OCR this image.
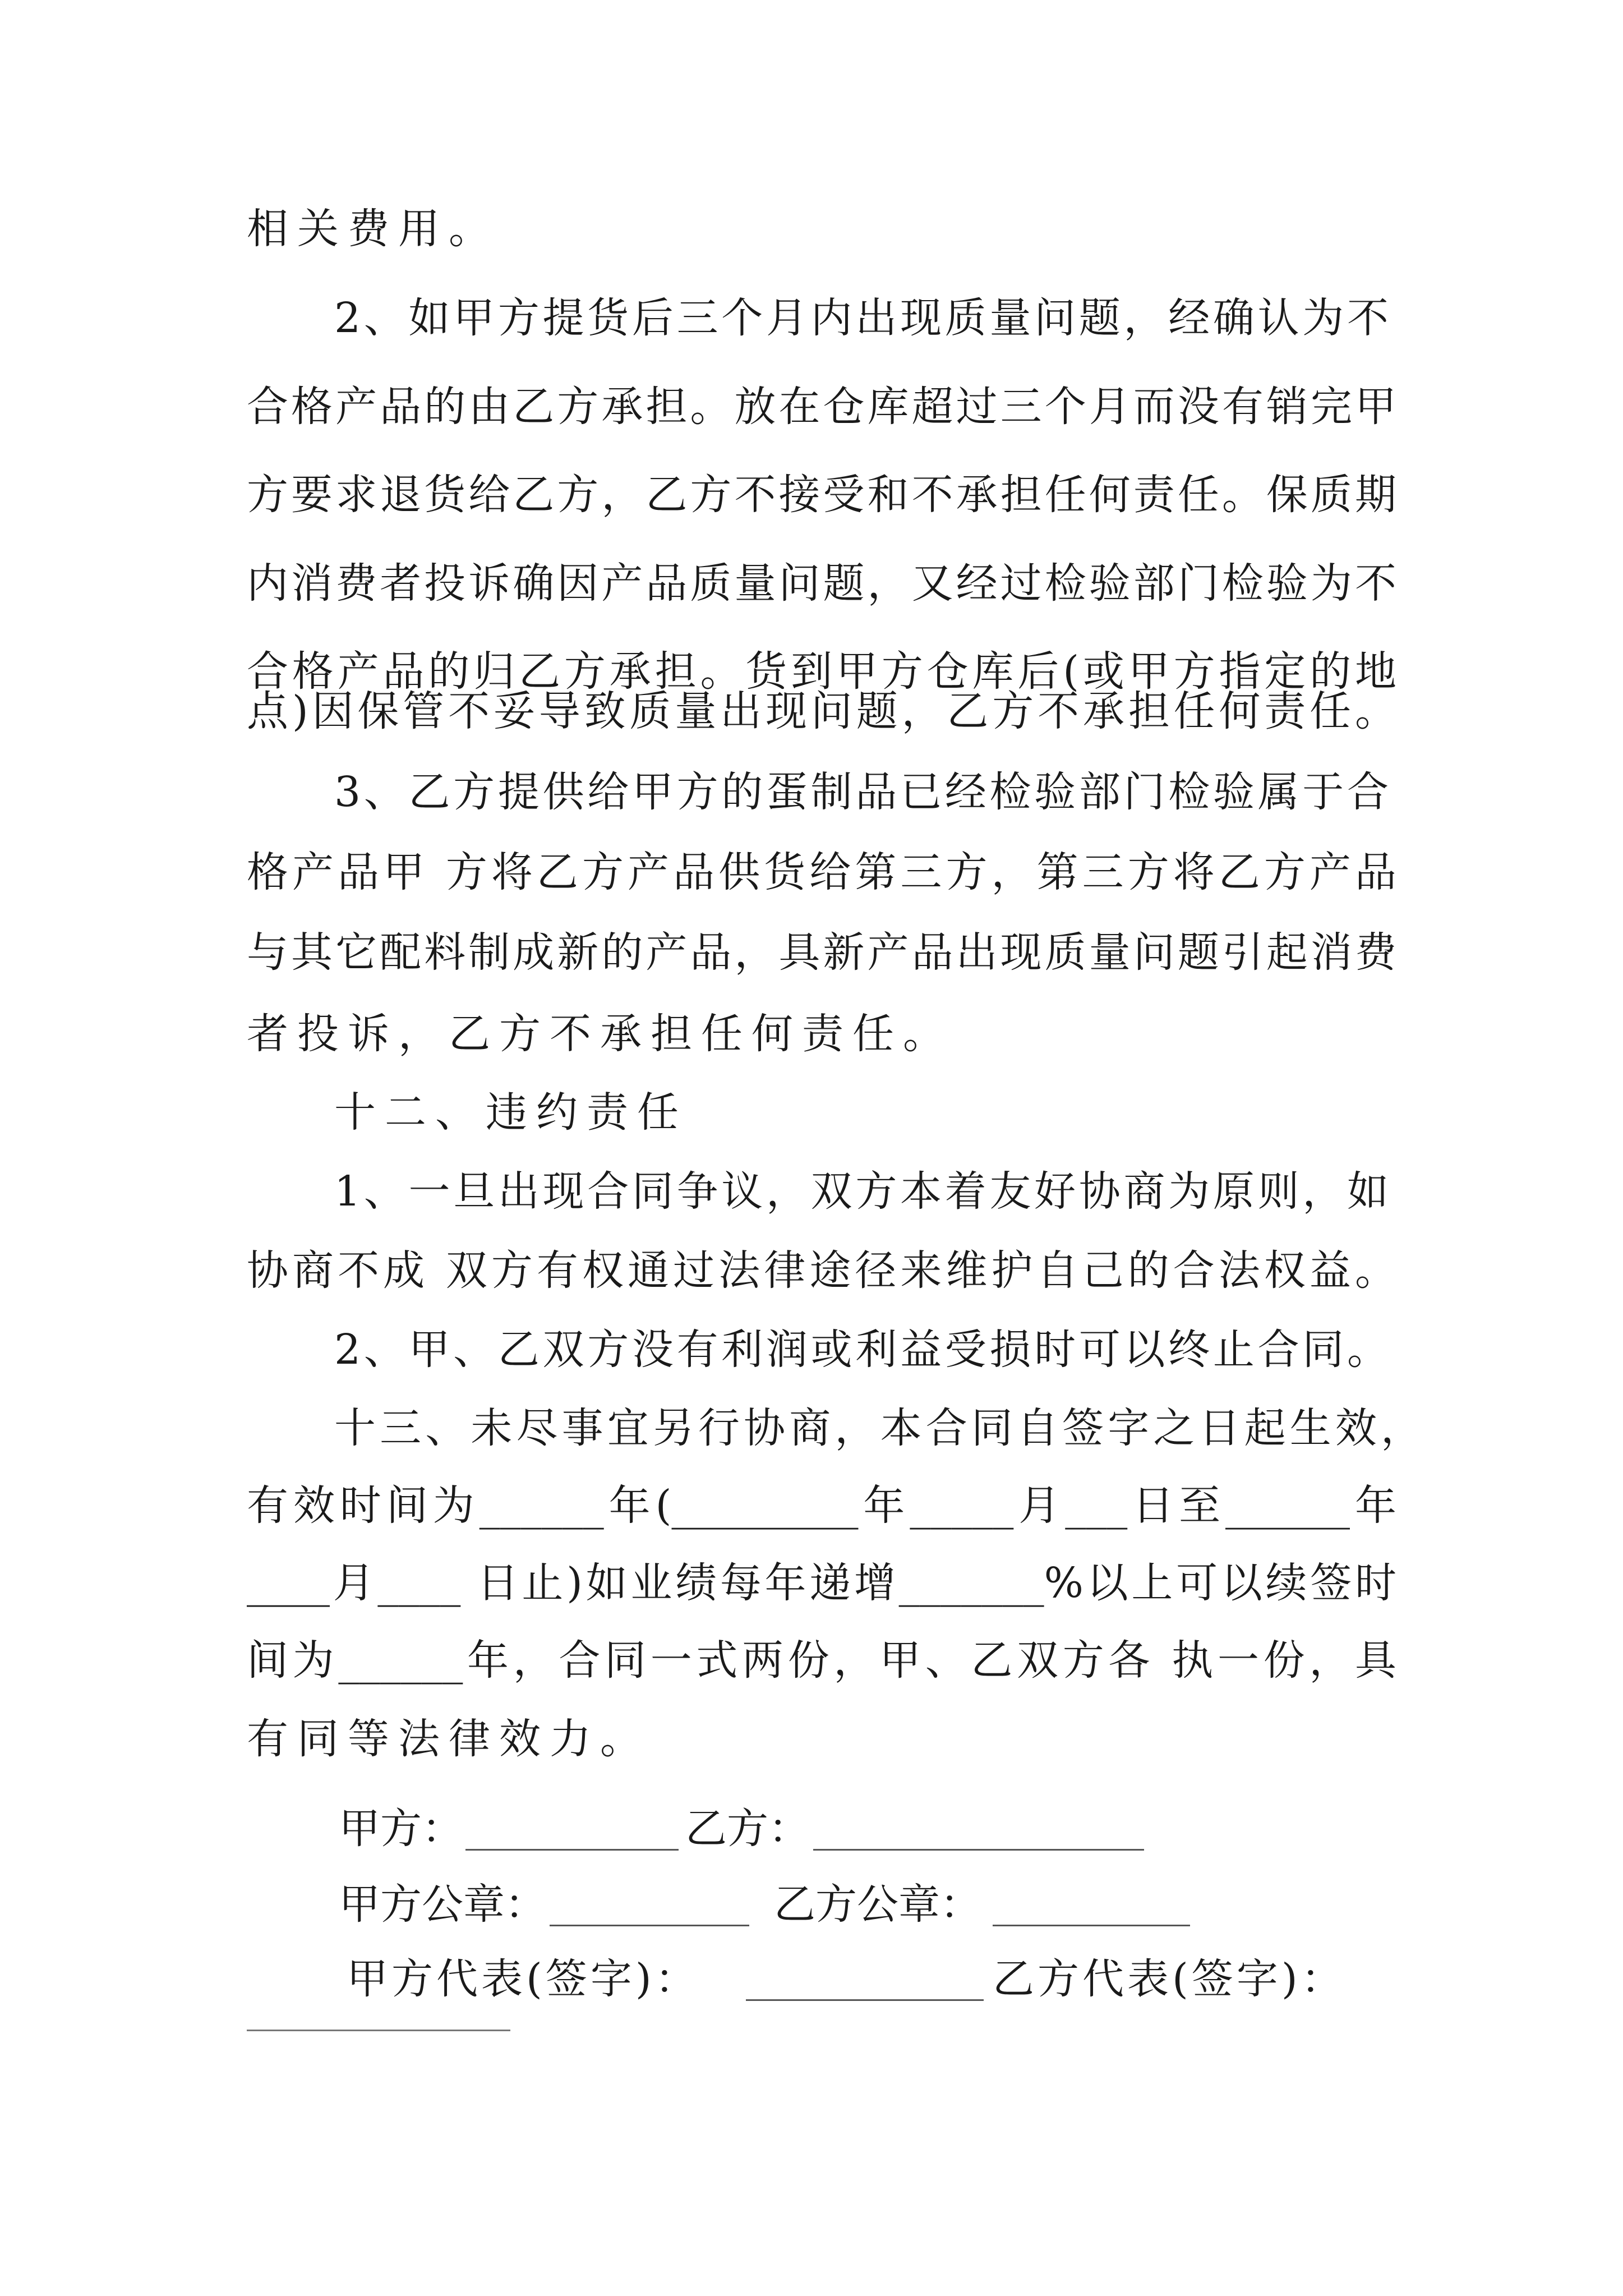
相关费用。

2、如甲方提货后三个月内出现质量问题，经确认为不

合格产品的由乙方承担。放在仓库超过三个月而没有销完甲

方要求退货给乙方，乙方不接受和不承担任何责任。保质期

内消费者投诉确因产品质量问题，又经过检验部门检验为不

合格产品的归乙方承担。货到甲方仓库后(或甲方指定的地

点)因保管不妥导致质量出现问题，乙方不承担任何责任。

3、乙方提供给甲方的蛋制品已经检验部门检验属于合

格产品甲 方将乙方产品供货给第三方，第三方将乙方产品

与其它配料制成新的产品，具新产品出现质量问题引起消费

者投诉，乙方不承担任何责任。

十二、违约责任

1、一旦出现合同争议，双方本着友好协商为原则，如

协商不成 双方有权通过法律途径来维护自己的合法权益。

2、甲、乙双方没有利润或利益受损时可以终止合同。

十三、未尽事宜另行协商，本合同自签字之日起生效，

有效时间为______年(_________年_____月___日至______年

____月____ 日止)如业绩每年递增_______%以上可以续签时

间为______年，合同一式两份，甲、乙双方各 执一份，具

有同等法律效力。

甲方：	乙方：
甲方公章：	乙方公章：
甲方代表(签字)：	乙方代表(签字)：
